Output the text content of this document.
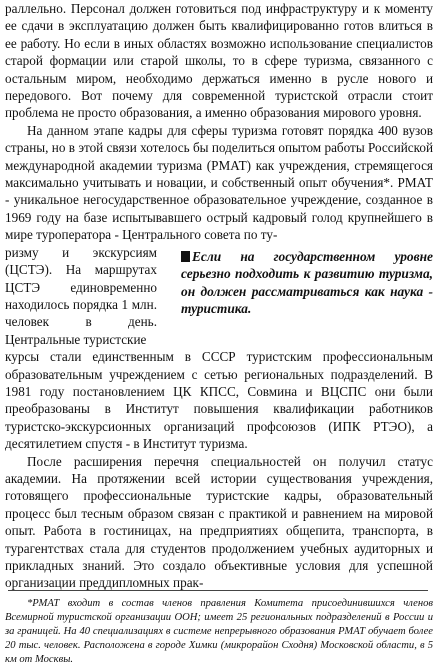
раллельно. Персонал должен готовиться под инфраструктуру и к моменту ее сдачи в эксплуатацию должен быть квалифицированно готов влиться в ее работу. Но если в иных областях возможно использование специалистов старой формации или старой школы, то в сфере туризма, связанного с остальным миром, необходимо держаться именно в русле нового и передового. Вот почему для современной туристской отрасли стоит проблема не просто образования, а именно образования мирового уровня.

На данном этапе кадры для сферы туризма готовят порядка 400 вузов страны, но в этой связи хотелось бы поделиться опытом работы Российской международной академии туризма (РМАТ) как учреждения, стремящегося максимально учитывать и новации, и собственный опыт обучения*. РМАТ - уникальное негосударственное образовательное учреждение, созданное в 1969 году на базе испытывавшего острый кадровый голод крупнейшего в мире туроператора - Центрального совета по ту-

ризму и экскурсиям (ЦСТЭ). На маршрутах ЦСТЭ единовременно находилось порядка 1 млн. человек в день. Центральные туристские

Если на государственном уровне серьезно подходить к развитию туризма, он должен рассматриваться как наука - туристика.

курсы стали единственным в СССР туристским профессиональным образовательным учреждением с сетью региональных подразделений. В 1981 году постановлением ЦК КПСС, Совмина и ВЦСПС они были преобразованы в Институт повышения квалификации работников туристско-экскурсионных организаций профсоюзов (ИПК РТЭО), а десятилетием спустя - в Институт туризма.

После расширения перечня специальностей он получил статус академии. На протяжении всей истории существования учреждения, готовящего профессиональные туристские кадры, образовательный процесс был тесным образом связан с практикой и равнением на мировой опыт. Работа в гостиницах, на предприятиях общепита, транспорта, в турагентствах стала для студентов продолжением учебных аудиторных и прикладных знаний. Это создало объективные условия для успешной организации преддипломных прак-

*РМАТ входит в состав членов правления Комитета присоединившихся членов Всемирной туристской организации ООН; имеет 25 региональных подразделений в России и за границей. На 40 специализациях в системе непрерывного образования РМАТ обучает более 20 тыс. человек. Расположена в городе Химки (микрорайон Сходня) Московской области, в 5 км от Москвы.
